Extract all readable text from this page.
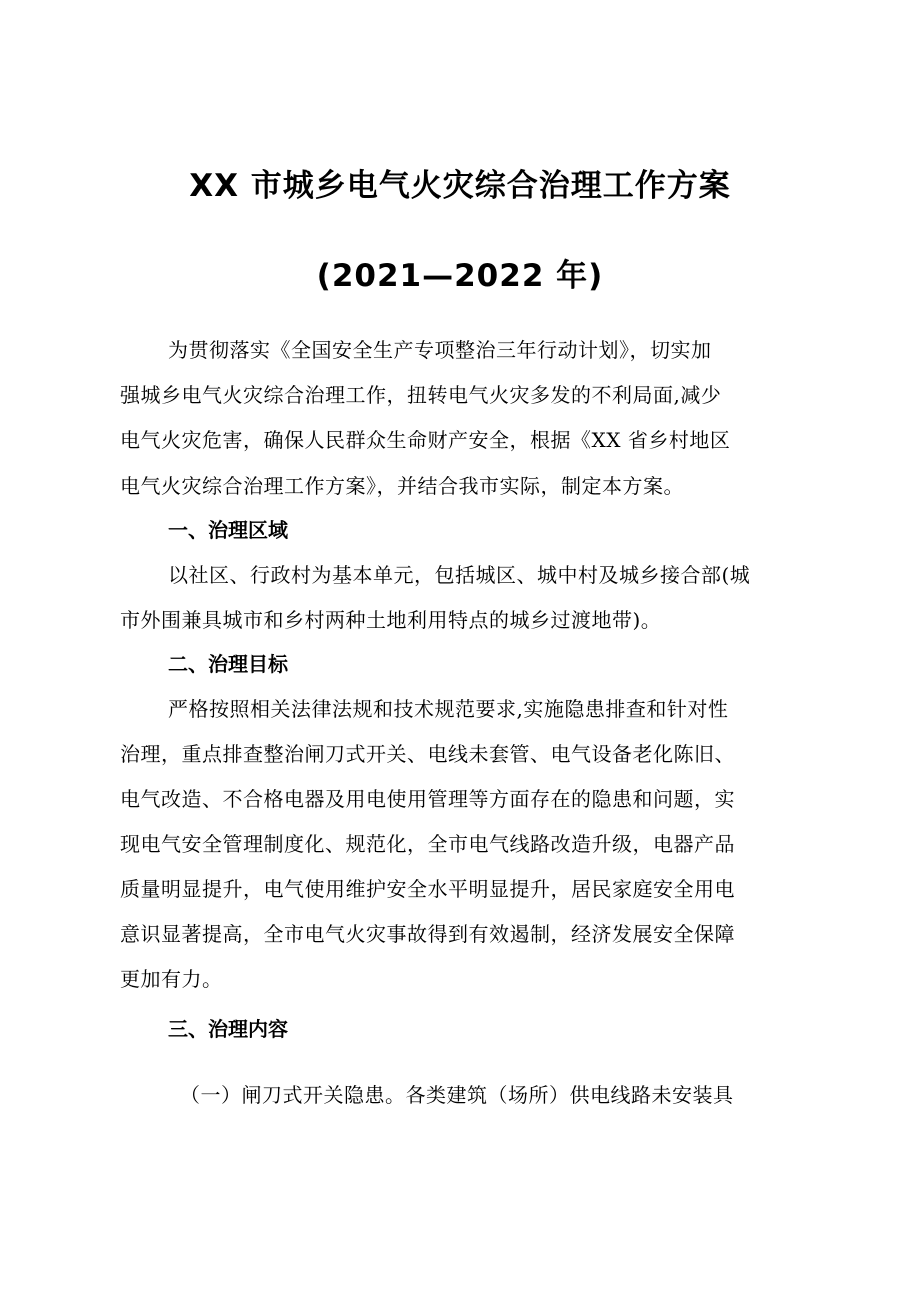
XX 市城乡电气火灾综合治理工作方案
(2021—2022 年)

为贯彻落实《全国安全生产专项整治三年行动计划》，切实加

强城乡电气火灾综合治理工作，扭转电气火灾多发的不利局面,减少

电气火灾危害，确保人民群众生命财产安全，根据《XX 省乡村地区

电气火灾综合治理工作方案》，并结合我市实际，制定本方案。

一、治理区域

以社区、行政村为基本单元，包括城区、城中村及城乡接合部(城

市外围兼具城市和乡村两种土地利用特点的城乡过渡地带)。

二、治理目标

严格按照相关法律法规和技术规范要求,实施隐患排查和针对性

治理，重点排查整治闸刀式开关、电线未套管、电气设备老化陈旧、

电气改造、不合格电器及用电使用管理等方面存在的隐患和问题，实

现电气安全管理制度化、规范化，全市电气线路改造升级，电器产品

质量明显提升，电气使用维护安全水平明显提升，居民家庭安全用电

意识显著提高，全市电气火灾事故得到有效遏制，经济发展安全保障

更加有力。

三、治理内容

（一）闸刀式开关隐患。各类建筑（场所）供电线路未安装具
